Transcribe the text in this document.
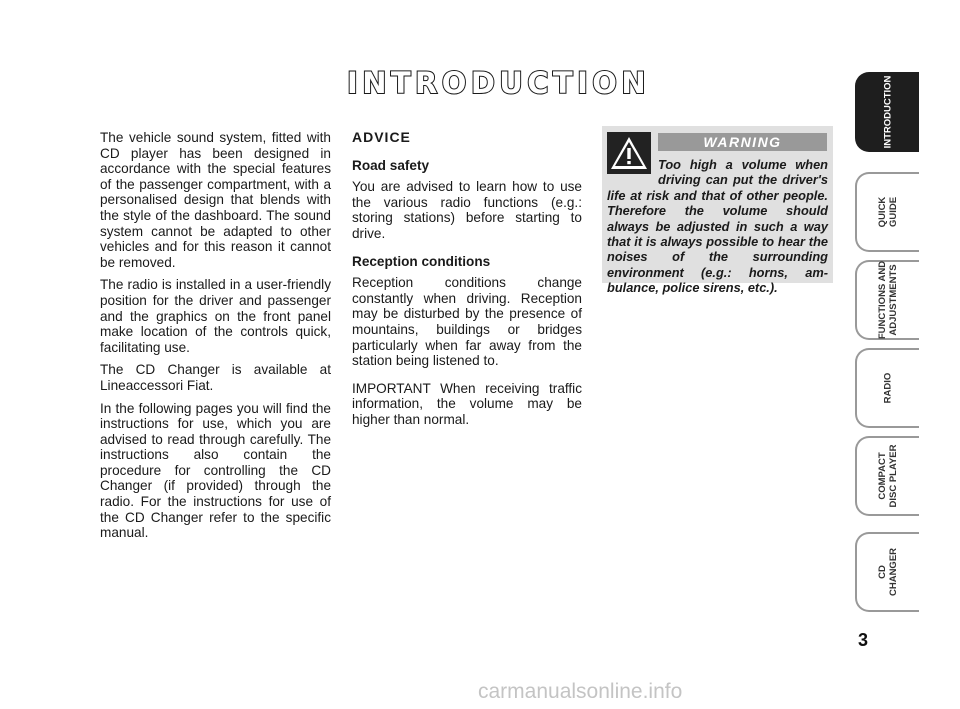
INTRODUCTION

The vehicle sound system, fitted with CD player has been designed in accordance with the special features of the passenger compartment, with a personalised design that blends with the style of the dashboard. The sound system cannot be adapted to other vehicles and for this reason it cannot be removed.

The radio is installed in a user-friendly position for the driver and passenger and the graphics on the front panel make location of the controls quick, facilitating use.

The CD Changer is available at Lineaccessori Fiat.

In the following pages you will find the instructions for use, which you are advised to read through carefully. The instructions also contain the procedure for controlling the CD Changer (if provided) through the radio. For the instructions for use of the CD Changer refer to the specific manual.

ADVICE
Road safety

You are advised to learn how to use the various radio functions (e.g.: storing stations) before starting to drive.

Reception conditions

Reception conditions change constantly when driving. Reception may be disturbed by the presence of mountains, buildings or bridges particularly when far away from the station being listened to.

IMPORTANT When receiving traffic information, the volume may be higher than normal.

WARNING
Too high a volume when driving can put the driver's life at risk and that of other people. Therefore the volume should always be adjusted in such a way that it is always possible to hear the noises of the surrounding environment (e.g.: horns, ambulance, police sirens, etc.).
INTRODUCTION
QUICK
GUIDE
FUNCTIONS AND
ADJUSTMENTS
RADIO
COMPACT
DISC PLAYER
CD
CHANGER
3
carmanualsonline.info
